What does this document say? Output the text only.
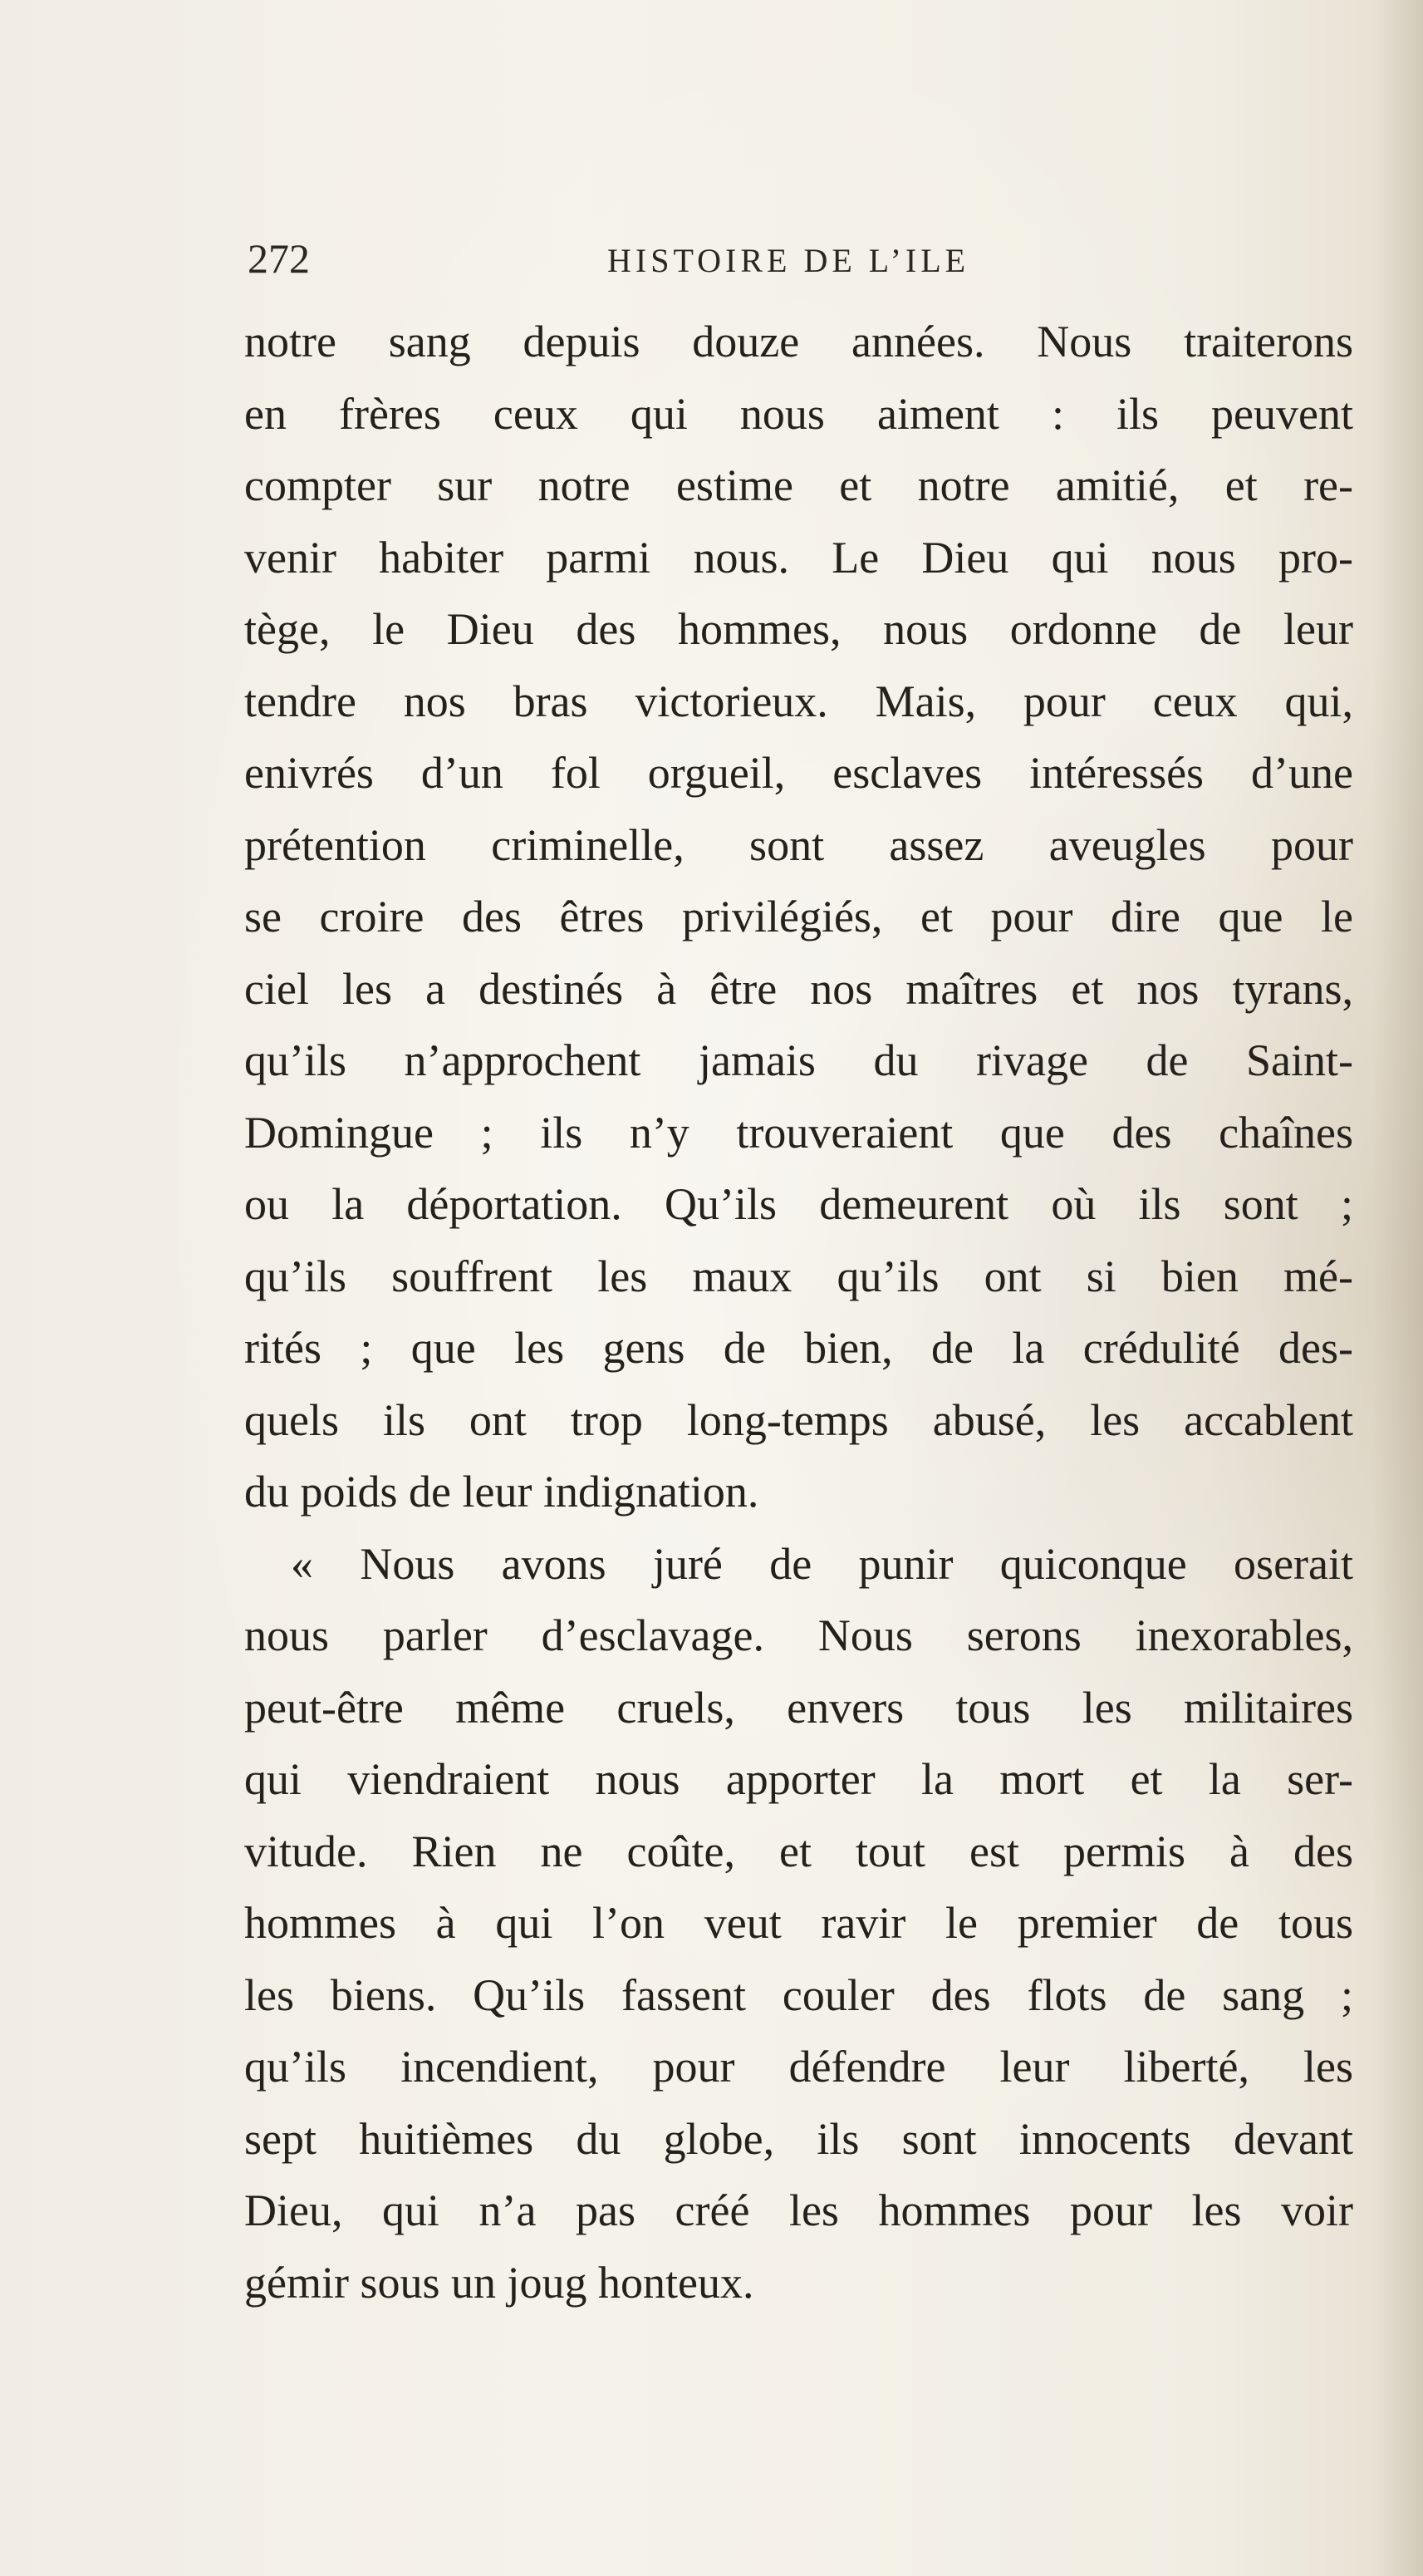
272	HISTOIRE DE L’ILE
notre sang depuis douze années. Nous traiterons
en frères ceux qui nous aiment : ils peuvent
compter sur notre estime et notre amitié, et re-
venir habiter parmi nous. Le Dieu qui nous pro-
tège, le Dieu des hommes, nous ordonne de leur
tendre nos bras victorieux. Mais, pour ceux qui,
enivrés d’un fol orgueil, esclaves intéressés d’une
prétention criminelle, sont assez aveugles pour
se croire des êtres privilégiés, et pour dire que le
ciel les a destinés à être nos maîtres et nos tyrans,
qu’ils n’approchent jamais du rivage de Saint-
Domingue ; ils n’y trouveraient que des chaînes
ou la déportation. Qu’ils demeurent où ils sont ;
qu’ils souffrent les maux qu’ils ont si bien mé-
rités ; que les gens de bien, de la crédulité des-
quels ils ont trop long-temps abusé, les accablent
du poids de leur indignation.
« Nous avons juré de punir quiconque oserait
nous parler d’esclavage. Nous serons inexorables,
peut-être même cruels, envers tous les militaires
qui viendraient nous apporter la mort et la ser-
vitude. Rien ne coûte, et tout est permis à des
hommes à qui l’on veut ravir le premier de tous
les biens. Qu’ils fassent couler des flots de sang ;
qu’ils incendient, pour défendre leur liberté, les
sept huitièmes du globe, ils sont innocents devant
Dieu, qui n’a pas créé les hommes pour les voir
gémir sous un joug honteux.
